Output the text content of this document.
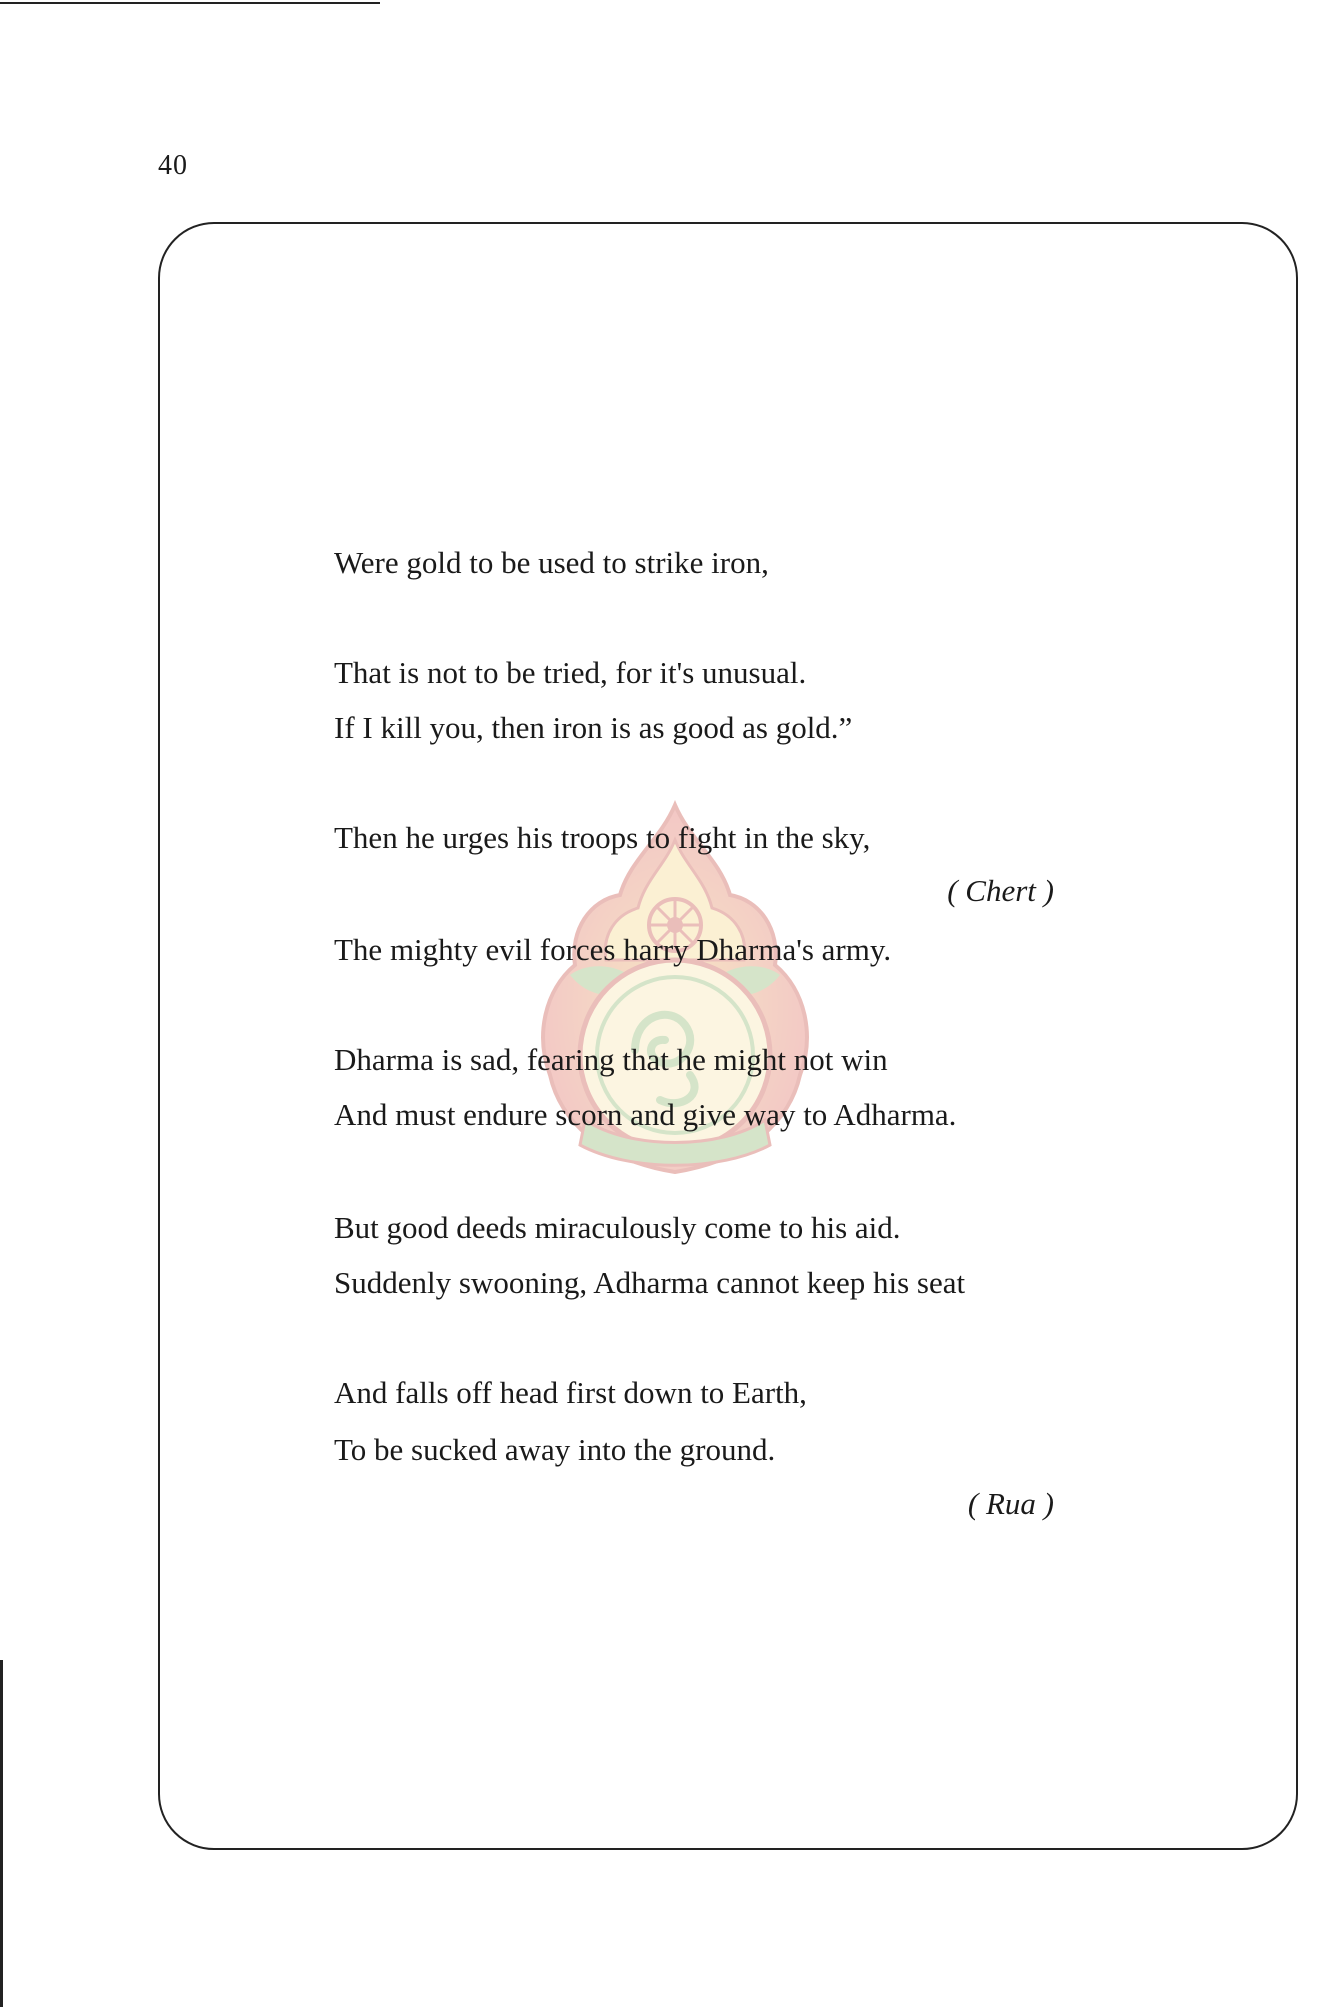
40
Were gold to be used to strike iron,
That is not to be tried, for it's unusual.
If I kill you, then iron is as good as gold.”
Then he urges his troops to fight in the sky,
( Chert )
The mighty evil forces harry Dharma's army.
Dharma is sad, fearing that he might not win
And must endure scorn and give way to Adharma.
But good deeds miraculously come to his aid.
Suddenly swooning, Adharma cannot keep his seat
And falls off head first down to Earth,
To be sucked away into the ground.
( Rua )
